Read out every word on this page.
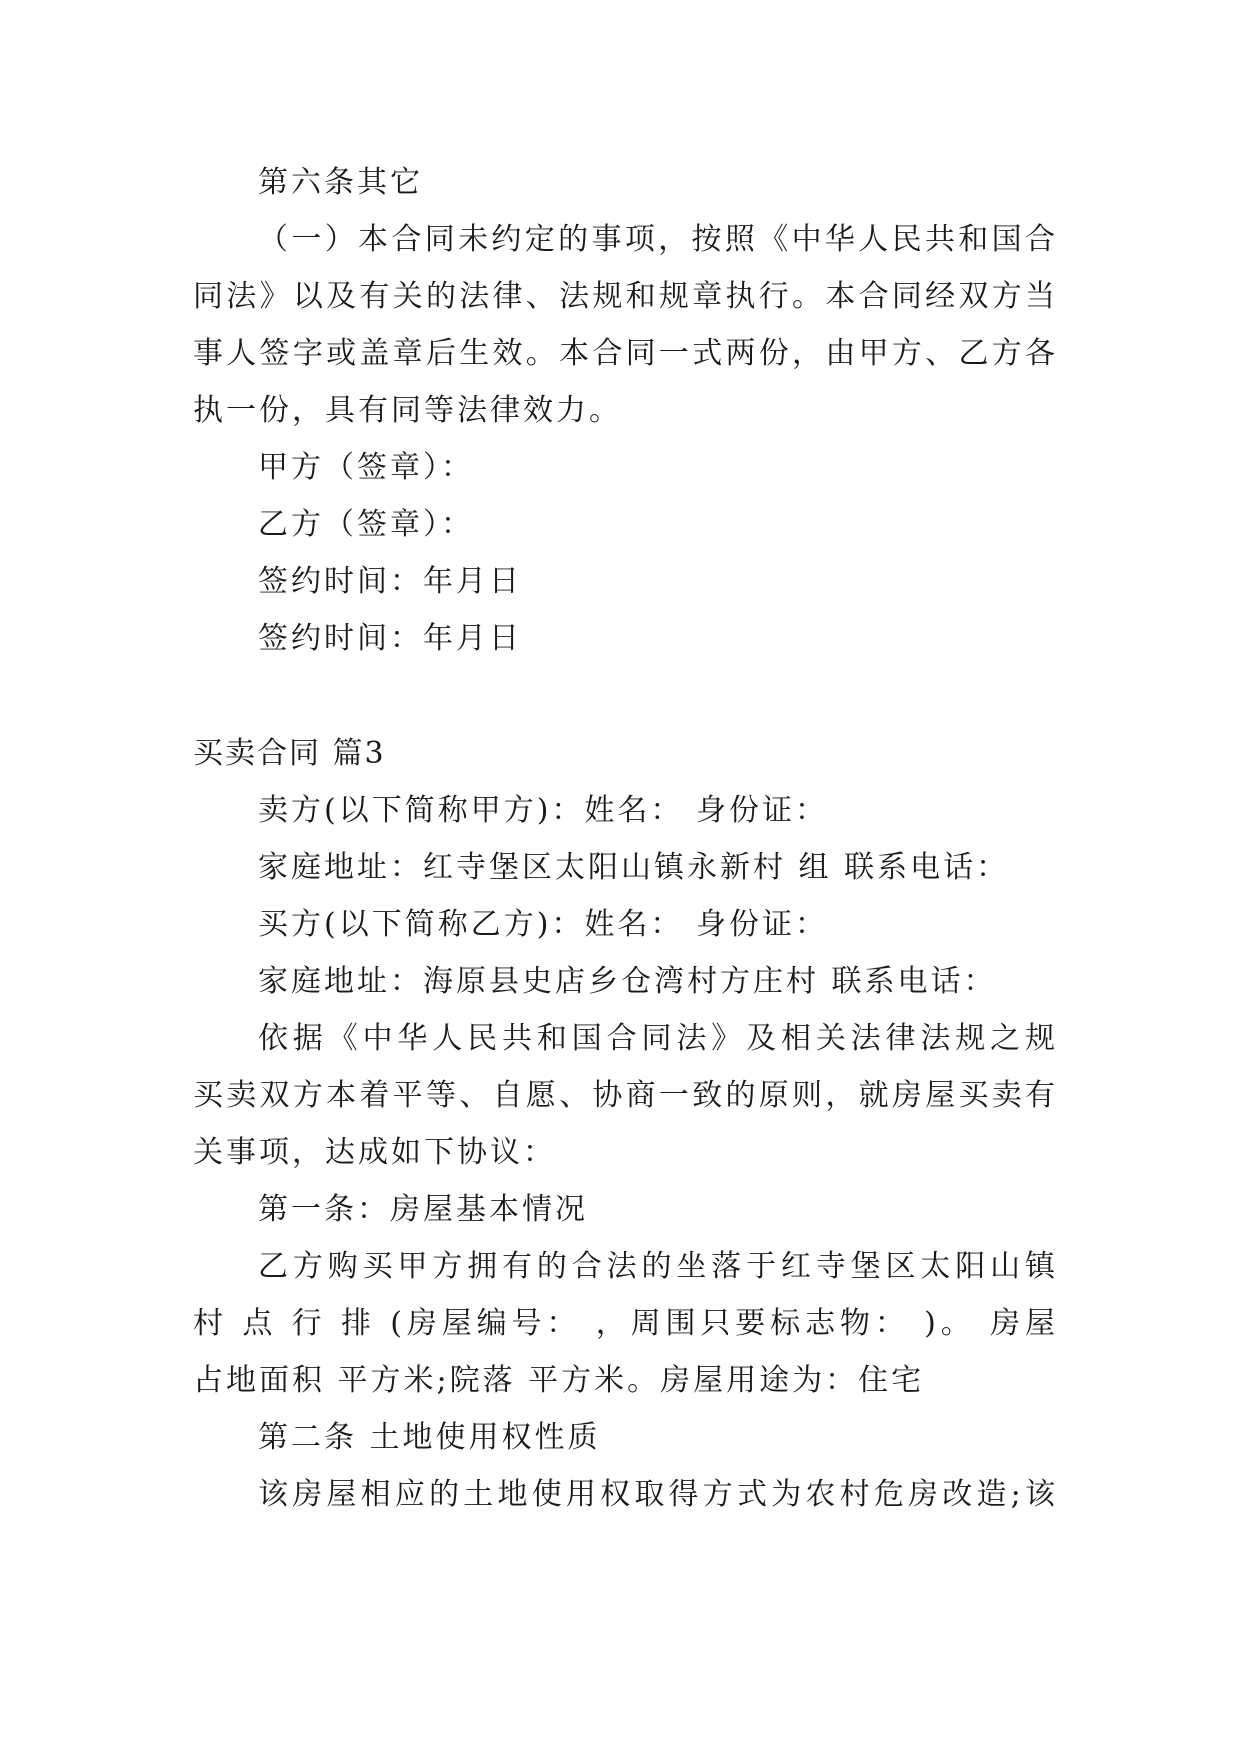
第六条其它
（一）本合同未约定的事项，按照《中华人民共和国合
同法》以及有关的法律、法规和规章执行。本合同经双方当
事人签字或盖章后生效。本合同一式两份，由甲方、乙方各
执一份，具有同等法律效力。
甲方（签章）：
乙方（签章）：
签约时间：年月日
签约时间：年月日
买卖合同 篇3
卖方(以下简称甲方)：姓名： 身份证：
家庭地址：红寺堡区太阳山镇永新村 组 联系电话：
买方(以下简称乙方)：姓名： 身份证：
家庭地址：海原县史店乡仓湾村方庄村 联系电话：
依据《中华人民共和国合同法》及相关法律法规之规
买卖双方本着平等、自愿、协商一致的原则，就房屋买卖有
关事项，达成如下协议：
第一条：房屋基本情况
乙方购买甲方拥有的合法的坐落于红寺堡区太阳山镇
村 点 行 排 (房屋编号： ，周围只要标志物： )。 房屋
占地面积 平方米;院落 平方米。房屋用途为：住宅
第二条 土地使用权性质
该房屋相应的土地使用权取得方式为农村危房改造;该
